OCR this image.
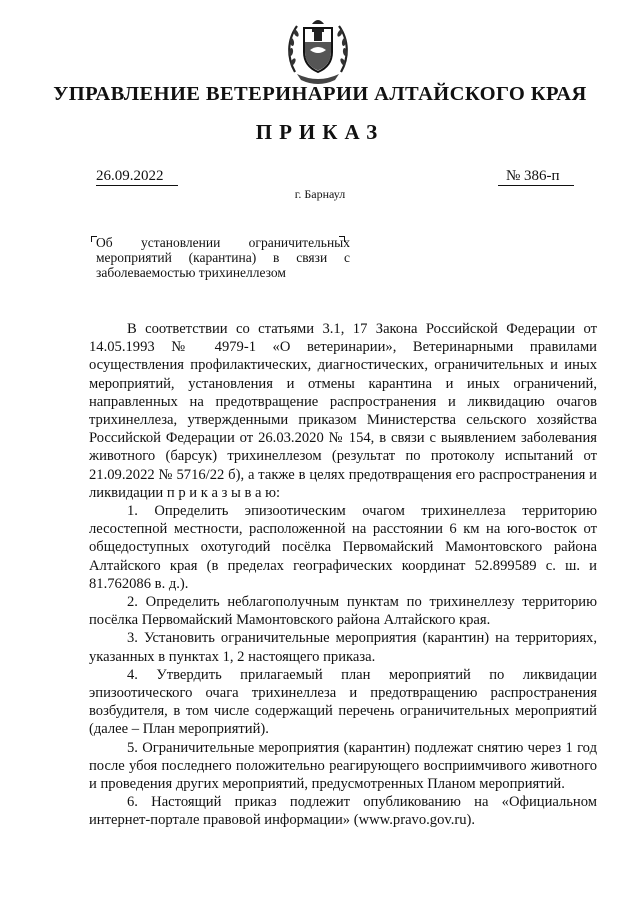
УПРАВЛЕНИЕ ВЕТЕРИНАРИИ АЛТАЙСКОГО КРАЯ
ПРИКАЗ
26.09.2022	№ 386-п
г. Барнаул
Об установлении ограничительных мероприятий (карантина) в связи с заболеваемостью трихинеллезом

В соответствии со статьями 3.1, 17 Закона Российской Федерации от 14.05.1993 № 4979-1 «О ветеринарии», Ветеринарными правилами осуществления профилактических, диагностических, ограничительных и иных мероприятий, установления и отмены карантина и иных ограничений, направленных на предотвращение распространения и ликвидацию очагов трихинеллеза, утвержденными приказом Министерства сельского хозяйства Российской Федерации от 26.03.2020 № 154, в связи с выявлением заболевания животного (барсук) трихинеллезом (результат по протоколу испытаний от 21.09.2022 № 5716/22 б), а также в целях предотвращения его распространения и ликвидации п р и к а з ы в а ю:

1. Определить эпизоотическим очагом трихинеллеза территорию лесостепной местности, расположенной на расстоянии 6 км на юго-восток от общедоступных охотугодий посёлка Первомайский Мамонтовского района Алтайского края (в пределах географических координат 52.899589 с. ш. и 81.762086 в. д.).

2. Определить неблагополучным пунктам по трихинеллезу территорию посёлка Первомайский Мамонтовского района Алтайского края.

3. Установить ограничительные мероприятия (карантин) на территориях, указанных в пунктах 1, 2 настоящего приказа.

4. Утвердить прилагаемый план мероприятий по ликвидации эпизоотического очага трихинеллеза и предотвращению распространения возбудителя, в том числе содержащий перечень ограничительных мероприятий (далее – План мероприятий).

5. Ограничительные мероприятия (карантин) подлежат снятию через 1 год после убоя последнего положительно реагирующего восприимчивого животного и проведения других мероприятий, предусмотренных Планом мероприятий.

6. Настоящий приказ подлежит опубликованию на «Официальном интернет-портале правовой информации» (www.pravo.gov.ru).
